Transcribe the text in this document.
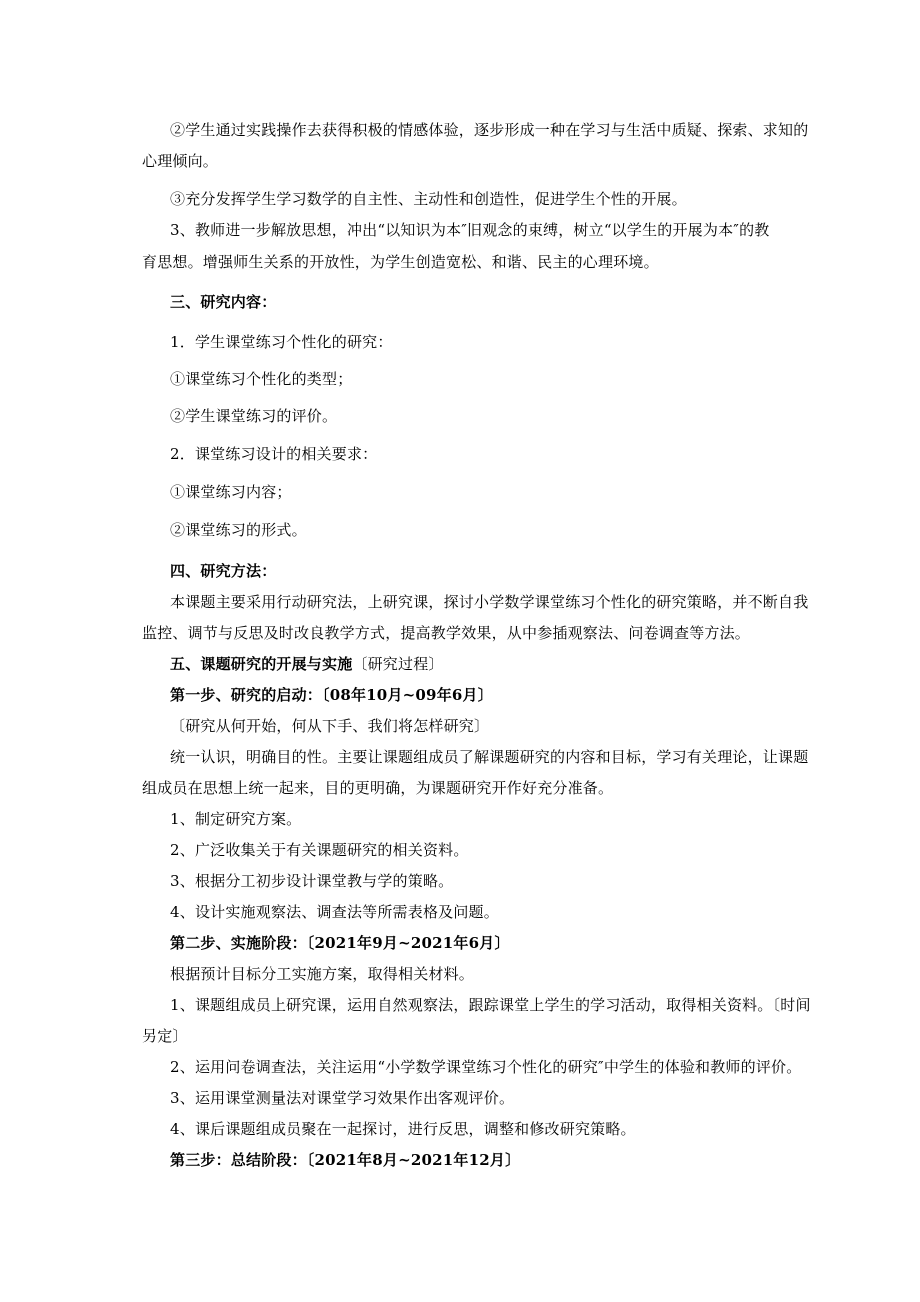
②学生通过实践操作去获得积极的情感体验，逐步形成一种在学习与生活中质疑、探索、求知的
心理倾向。
③充分发挥学生学习数学的自主性、主动性和创造性，促进学生个性的开展。
3、教师进一步解放思想，冲出“以知识为本″旧观念的束缚，树立“以学生的开展为本″的教
育思想。增强师生关系的开放性，为学生创造宽松、和谐、民主的心理环境。
三、研究内容：
1．学生课堂练习个性化的研究：
①课堂练习个性化的类型；
②学生课堂练习的评价。
2．课堂练习设计的相关要求：
①课堂练习内容；
②课堂练习的形式。
四、研究方法：
本课题主要采用行动研究法，上研究课，探讨小学数学课堂练习个性化的研究策略，并不断自我
监控、调节与反思及时改良教学方式，提高教学效果，从中参插观察法、问卷调查等方法。
五、课题研究的开展与实施〔研究过程〕
第一步、研究的启动：〔08年10月~09年6月〕
〔研究从何开始，何从下手、我们将怎样研究〕
统一认识，明确目的性。主要让课题组成员了解课题研究的内容和目标，学习有关理论，让课题
组成员在思想上统一起来，目的更明确，为课题研究开作好充分准备。
1、制定研究方案。
2、广泛收集关于有关课题研究的相关资料。
3、根据分工初步设计课堂教与学的策略。
4、设计实施观察法、调查法等所需表格及问题。
第二步、实施阶段：〔2021年9月~2021年6月〕
根据预计目标分工实施方案，取得相关材料。
1、课题组成员上研究课，运用自然观察法，跟踪课堂上学生的学习活动，取得相关资料。〔时间
另定〕
2、运用问卷调查法，关注运用“小学数学课堂练习个性化的研究″中学生的体验和教师的评价。
3、运用课堂测量法对课堂学习效果作出客观评价。
4、课后课题组成员聚在一起探讨，进行反思，调整和修改研究策略。
第三步：总结阶段：〔2021年8月~2021年12月〕
